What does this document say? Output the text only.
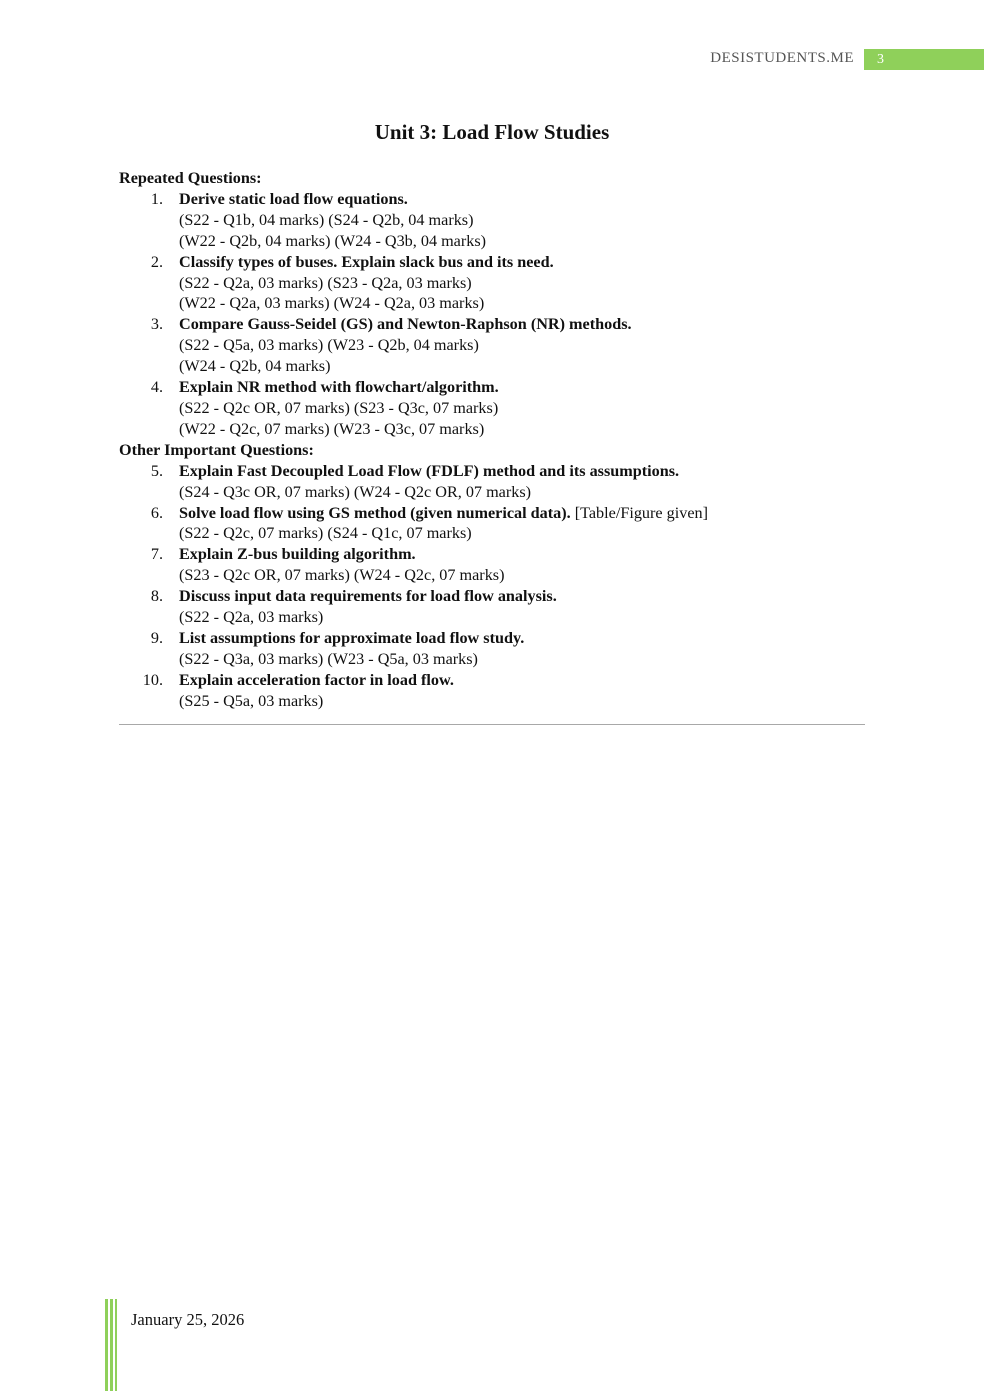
DESISTUDENTS.ME	3
Unit 3: Load Flow Studies
Repeated Questions:
1. Derive static load flow equations.
(S22 - Q1b, 04 marks) (S24 - Q2b, 04 marks)
(W22 - Q2b, 04 marks) (W24 - Q3b, 04 marks)
2. Classify types of buses. Explain slack bus and its need.
(S22 - Q2a, 03 marks) (S23 - Q2a, 03 marks)
(W22 - Q2a, 03 marks) (W24 - Q2a, 03 marks)
3. Compare Gauss-Seidel (GS) and Newton-Raphson (NR) methods.
(S22 - Q5a, 03 marks) (W23 - Q2b, 04 marks)
(W24 - Q2b, 04 marks)
4. Explain NR method with flowchart/algorithm.
(S22 - Q2c OR, 07 marks) (S23 - Q3c, 07 marks)
(W22 - Q2c, 07 marks) (W23 - Q3c, 07 marks)
Other Important Questions:
5. Explain Fast Decoupled Load Flow (FDLF) method and its assumptions.
(S24 - Q3c OR, 07 marks) (W24 - Q2c OR, 07 marks)
6. Solve load flow using GS method (given numerical data). [Table/Figure given]
(S22 - Q2c, 07 marks) (S24 - Q1c, 07 marks)
7. Explain Z-bus building algorithm.
(S23 - Q2c OR, 07 marks) (W24 - Q2c, 07 marks)
8. Discuss input data requirements for load flow analysis.
(S22 - Q2a, 03 marks)
9. List assumptions for approximate load flow study.
(S22 - Q3a, 03 marks) (W23 - Q5a, 03 marks)
10. Explain acceleration factor in load flow.
(S25 - Q5a, 03 marks)
January 25, 2026
